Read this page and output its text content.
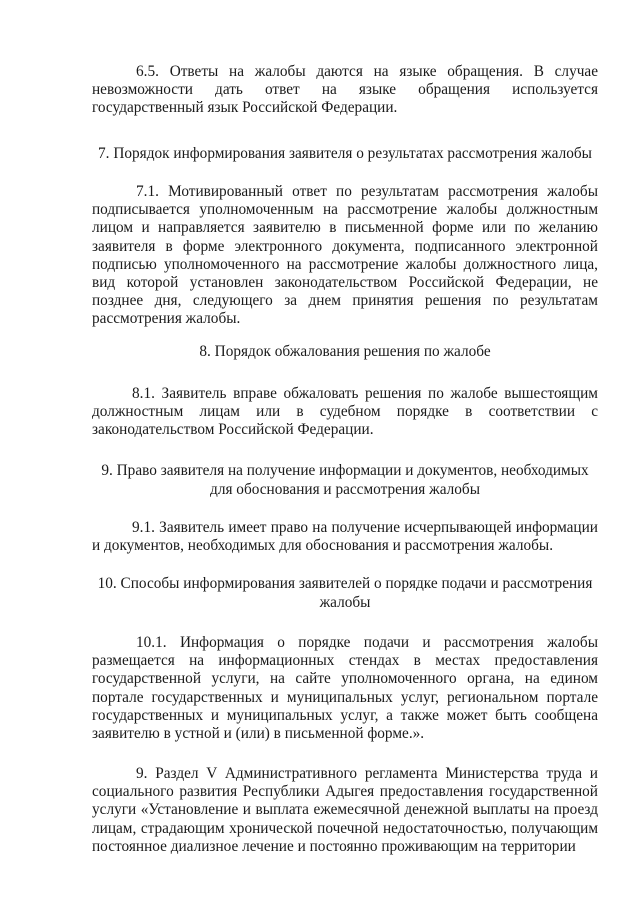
6.5. Ответы на жалобы даются на языке обращения. В случае невозможности дать ответ на языке обращения используется государственный язык Российской Федерации.

7. Порядок информирования заявителя о результатах рассмотрения жалобы

7.1. Мотивированный ответ по результатам рассмотрения жалобы подписывается уполномоченным на рассмотрение жалобы должностным лицом и направляется заявителю в письменной форме или по желанию заявителя в форме электронного документа, подписанного электронной подписью уполномоченного на рассмотрение жалобы должностного лица, вид которой установлен законодательством Российской Федерации, не позднее дня, следующего за днем принятия решения по результатам рассмотрения жалобы.

8. Порядок обжалования решения по жалобе

8.1. Заявитель вправе обжаловать решения по жалобе вышестоящим должностным лицам или в судебном порядке в соответствии с законодательством Российской Федерации.

9. Право заявителя на получение информации и документов, необходимых для обоснования и рассмотрения жалобы

9.1. Заявитель имеет право на получение исчерпывающей информации и документов, необходимых для обоснования и рассмотрения жалобы.

10. Способы информирования заявителей о порядке подачи и рассмотрения жалобы

10.1. Информация о порядке подачи и рассмотрения жалобы размещается на информационных стендах в местах предоставления государственной услуги, на сайте уполномоченного органа, на едином портале государственных и муниципальных услуг, региональном портале государственных и муниципальных услуг, а также может быть сообщена заявителю в устной и (или) в письменной форме.».

9. Раздел V Административного регламента Министерства труда и социального развития Республики Адыгея предоставления государственной услуги «Установление и выплата ежемесячной денежной выплаты на проезд лицам, страдающим хронической почечной недостаточностью, получающим постоянное диализное лечение и постоянно проживающим на территории
